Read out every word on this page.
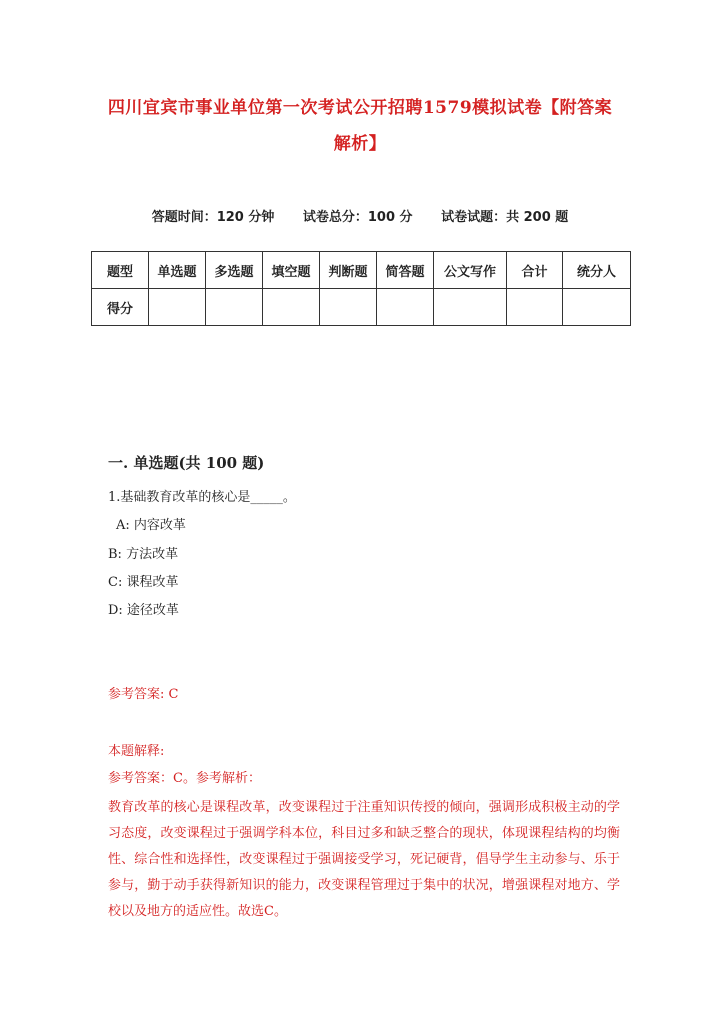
四川宜宾市事业单位第一次考试公开招聘1579模拟试卷【附答案解析】
答题时间：120 分钟 试卷总分：100 分 试卷试题：共 200 题
题型	单选题	多选题	填空题	判断题	简答题	公文写作	合计	统分人
得分								
一. 单选题(共 100 题)
1.基础教育改革的核心是_____。
A: 内容改革
B: 方法改革
C: 课程改革
D: 途径改革
参考答案: C
本题解释:
参考答案：C。参考解析：
教育改革的核心是课程改革，改变课程过于注重知识传授的倾向，强调形成积极主动的学习态度，改变课程过于强调学科本位，科目过多和缺乏整合的现状，体现课程结构的均衡性、综合性和选择性，改变课程过于强调接受学习，死记硬背，倡导学生主动参与、乐于参与，勤于动手获得新知识的能力，改变课程管理过于集中的状况，增强课程对地方、学校以及地方的适应性。故选C。
